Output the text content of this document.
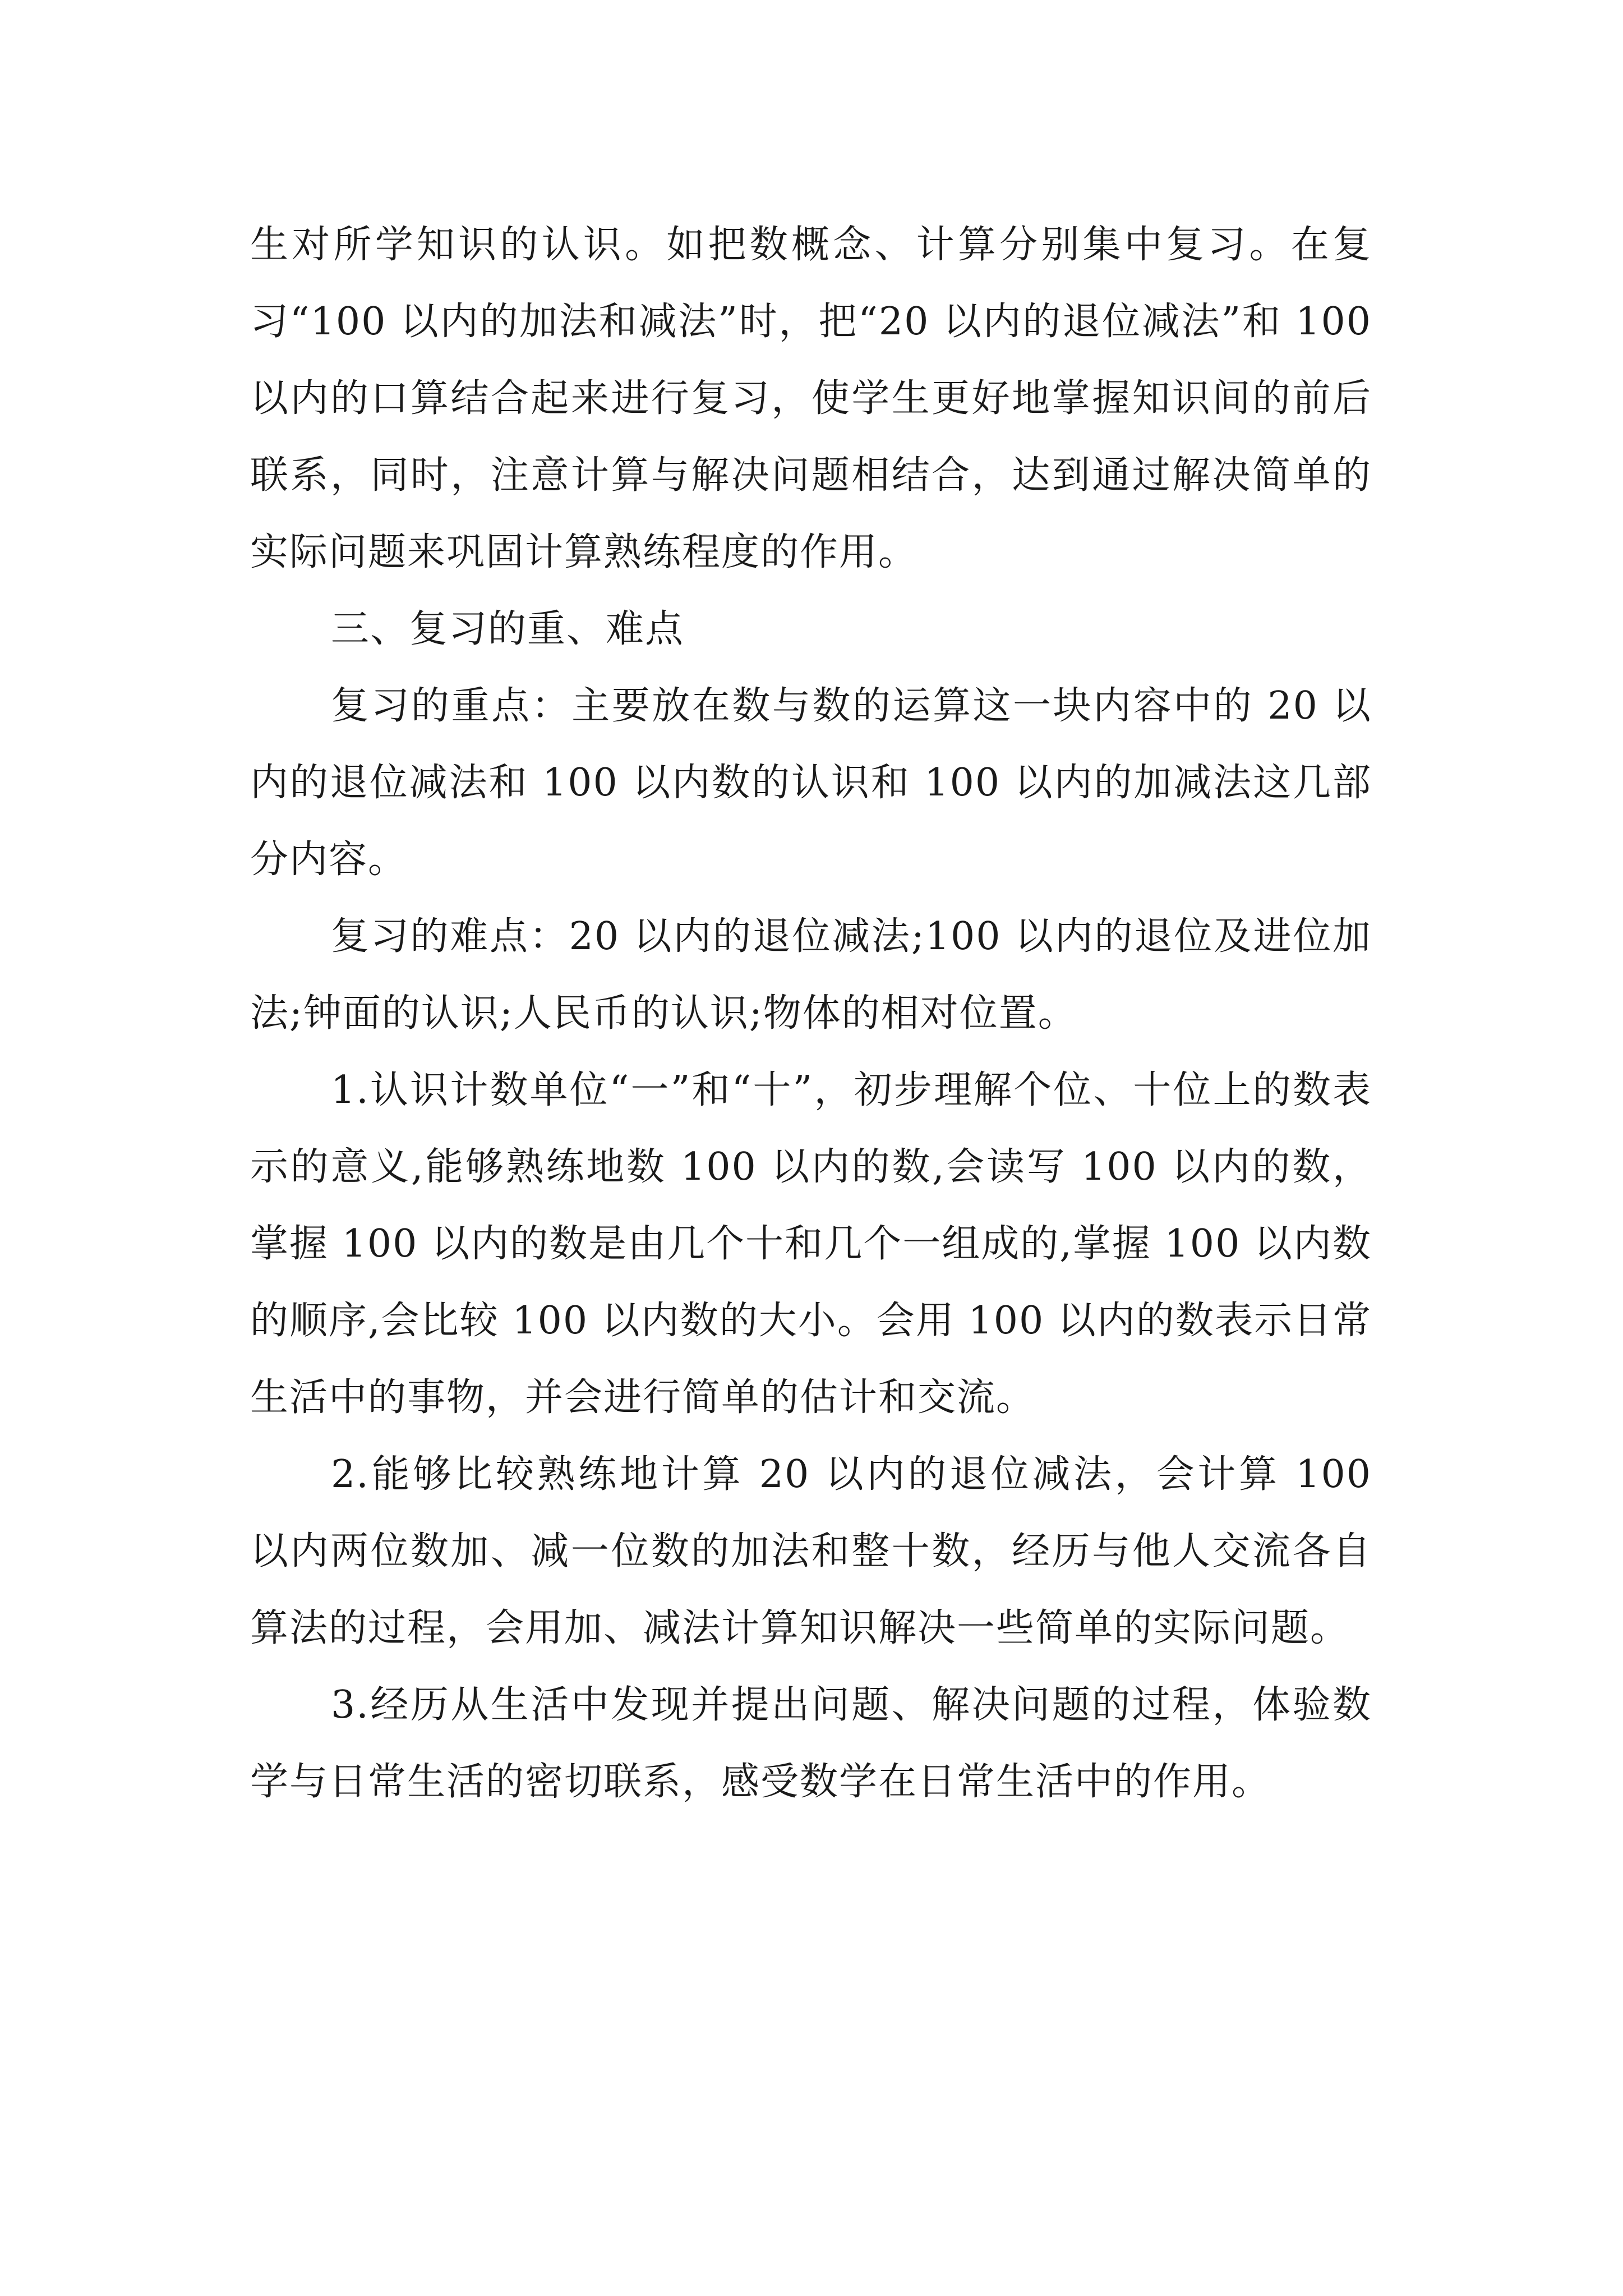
生对所学知识的认识。如把数概念、计算分别集中复习。在复习“100 以内的加法和减法”时，把“20 以内的退位减法”和 100 以内的口算结合起来进行复习，使学生更好地掌握知识间的前后联系，同时，注意计算与解决问题相结合，达到通过解决简单的实际问题来巩固计算熟练程度的作用。

三、复习的重、难点

复习的重点：主要放在数与数的运算这一块内容中的 20 以内的退位减法和 100 以内数的认识和 100 以内的加减法这几部分内容。

复习的难点：20 以内的退位减法;100 以内的退位及进位加法;钟面的认识;人民币的认识;物体的相对位置。

1.认识计数单位“一”和“十”，初步理解个位、十位上的数表示的意义,能够熟练地数 100 以内的数,会读写 100 以内的数，掌握 100 以内的数是由几个十和几个一组成的,掌握 100 以内数的顺序,会比较 100 以内数的大小。会用 100 以内的数表示日常生活中的事物，并会进行简单的估计和交流。

2.能够比较熟练地计算 20 以内的退位减法，会计算 100 以内两位数加、减一位数的加法和整十数，经历与他人交流各自算法的过程，会用加、减法计算知识解决一些简单的实际问题。

3.经历从生活中发现并提出问题、解决问题的过程，体验数学与日常生活的密切联系，感受数学在日常生活中的作用。
